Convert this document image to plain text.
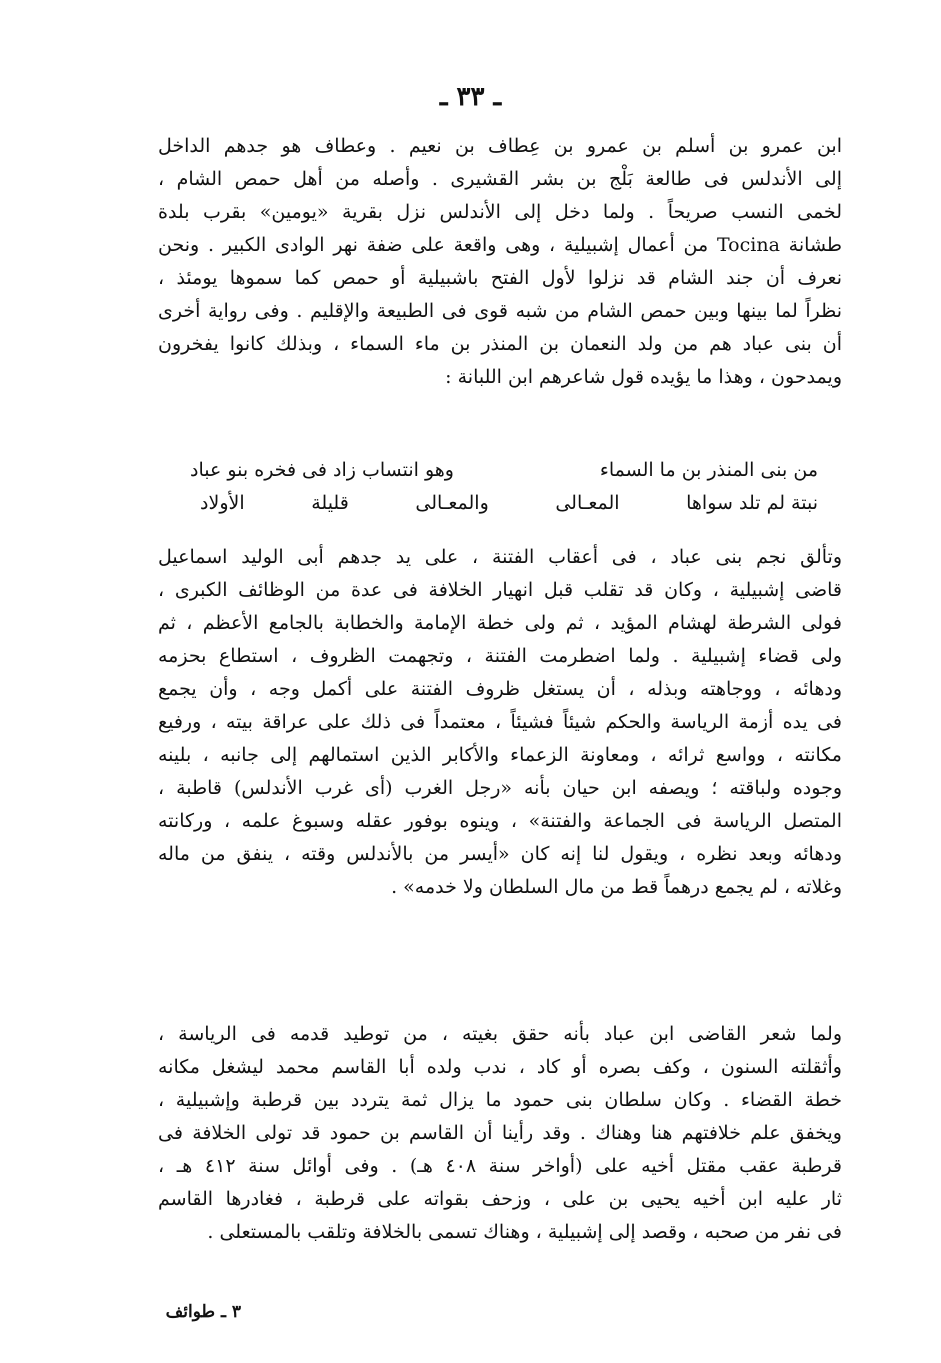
ـ ٣٣ ـ
ابن عمرو بن أسلم بن عمرو بن عِطاف بن نعيم . وعطاف هو جدهم الداخل
إلى الأندلس فى طالعة بَلْج بن بشر القشيرى . وأصله من أهل حمص الشام ،
لخمى النسب صريحاً . ولما دخل إلى الأندلس نزل بقرية «يومين» بقرب بلدة
طشانة Tocina من أعمال إشبيلية ، وهى واقعة على ضفة نهر الوادى الكبير . ونحن
نعرف أن جند الشام قد نزلوا لأول الفتح باشبيلية أو حمص كما سموها يومئذ ،
نظراً لما بينها وبين حمص الشام من شبه قوى فى الطبيعة والإقليم . وفى رواية أخرى
أن بنى عباد هم من ولد النعمان بن المنذر بن ماء السماء ، وبذلك كانوا يفخرون
ويمدحون ، وهذا ما يؤيده قول شاعرهم ابن اللبانة :
من بنى المنذر بن ما السماء
وهو انتساب زاد فى فخره بنو عباد
نبتة لم تلد سواها
المعـالى
والمعـالى
قليلة
الأولاد
وتألق نجم بنى عباد ، فى أعقاب الفتنة ، على يد جدهم أبى الوليد اسماعيل
قاضى إشبيلية ، وكان قد تقلب قبل انهيار الخلافة فى عدة من الوظائف الكبرى ،
فولى الشرطة لهشام المؤيد ، ثم ولى خطة الإمامة والخطابة بالجامع الأعظم ، ثم
ولى قضاء إشبيلية . ولما اضطرمت الفتنة ، وتجهمت الظروف ، استطاع بحزمه
ودهائه ، ووجاهته وبذله ، أن يستغل ظروف الفتنة على أكمل وجه ، وأن يجمع
فى يده أزمة الرياسة والحكم شيئاً فشيئاً ، معتمداً فى ذلك على عراقة بيته ، ورفيع
مكانته ، وواسع ثرائه ، ومعاونة الزعماء والأكابر الذين استمالهم إلى جانبه ، بلينه
وجوده ولباقته ؛ ويصفه ابن حيان بأنه «رجل الغرب (أى غرب الأندلس) قاطبة ،
المتصل الرياسة فى الجماعة والفتنة» ، وينوه بوفور عقله وسبوغ علمه ، وركانته
ودهائه وبعد نظره ، ويقول لنا إنه كان «أيسر من بالأندلس وقته ، ينفق من ماله
وغلاته ، لم يجمع درهماً قط من مال السلطان ولا خدمه» .
ولما شعر القاضى ابن عباد بأنه حقق بغيته ، من توطيد قدمه فى الرياسة ،
وأثقلته السنون ، وكف بصره أو كاد ، ندب ولده أبا القاسم محمد ليشغل مكانه
خطة القضاء . وكان سلطان بنى حمود ما يزال ثمة يتردد بين قرطبة وإشبيلية ،
ويخفق علم خلافتهم هنا وهناك . وقد رأينا أن القاسم بن حمود قد تولى الخلافة فى
قرطبة عقب مقتل أخيه على (أواخر سنة ٤٠٨ هـ) . وفى أوائل سنة ٤١٢ هـ ،
ثار عليه ابن أخيه يحيى بن على ، وزحف بقواته على قرطبة ، فغادرها القاسم
فى نفر من صحبه ، وقصد إلى إشبيلية ، وهناك تسمى بالخلافة وتلقب بالمستعلى .
٣ ـ طوائف
